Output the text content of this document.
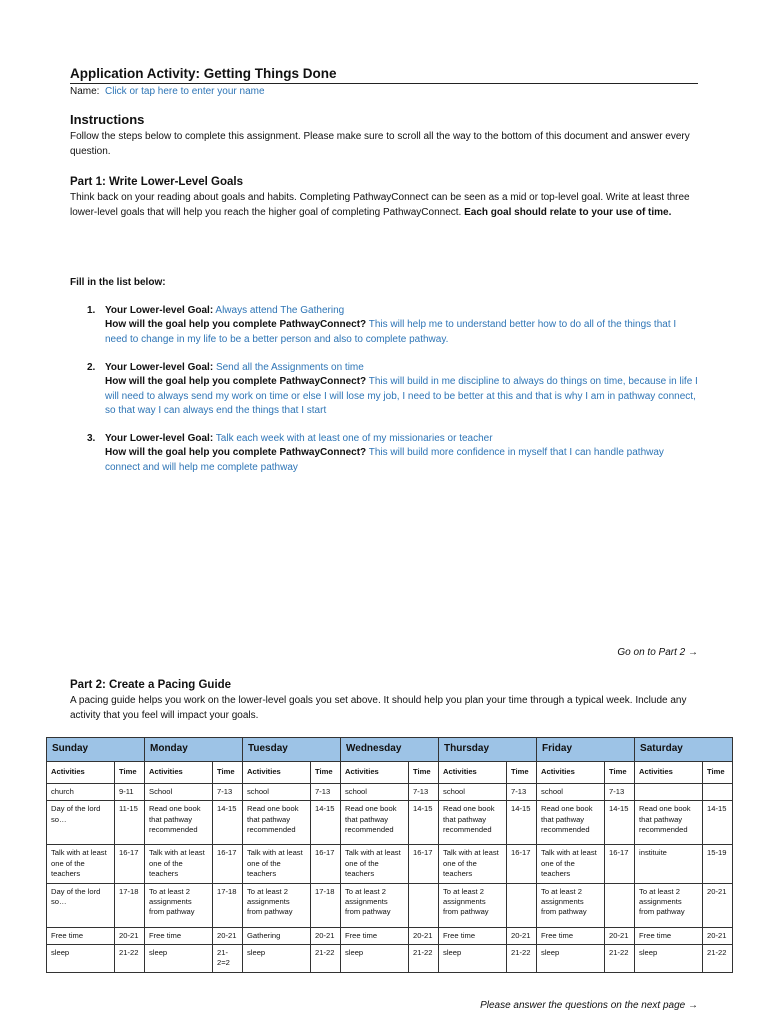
Application Activity: Getting Things Done
Name: Click or tap here to enter your name
Instructions
Follow the steps below to complete this assignment. Please make sure to scroll all the way to the bottom of this document and answer every question.
Part 1: Write Lower-Level Goals
Think back on your reading about goals and habits. Completing PathwayConnect can be seen as a mid or top-level goal. Write at least three lower-level goals that will help you reach the higher goal of completing PathwayConnect. Each goal should relate to your use of time.
Fill in the list below:
1. Your Lower-level Goal: Always attend The Gathering
How will the goal help you complete PathwayConnect? This will help me to understand better how to do all of the things that I need to change in my life to be a better person and also to complete pathway.
2. Your Lower-level Goal: Send all the Assignments on time
How will the goal help you complete PathwayConnect? This will build in me discipline to always do things on time, because in life I will need to always send my work on time or else I will lose my job, I need to be better at this and that is why I am in pathway connect, so that way I can always end the things that I start
3. Your Lower-level Goal: Talk each week with at least one of my missionaries or teacher
How will the goal help you complete PathwayConnect? This will build more confidence in myself that I can handle pathway connect and will help me complete pathway
Go on to Part 2 →
Part 2: Create a Pacing Guide
A pacing guide helps you work on the lower-level goals you set above. It should help you plan your time through a typical week. Include any activity that you feel will impact your goals.
Please answer the questions on the next page →
Sunday		Monday		Tuesday		Wednesday		Thursday		Friday		Saturday	
Activities	Time	Activities	Time	Activities	Time	Activities	Time	Activities	Time	Activities	Time	Activities	Time
church	9-11	School	7-13	school	7-13	school	7-13	school	7-13	school	7-13		
Day of the lord so…	11-15	Read one book that pathway recommended	14-15	Read one book that pathway recommended	14-15	Read one book that pathway recommended	14-15	Read one book that pathway recommended	14-15	Read one book that pathway recommended	14-15	Read one book that pathway recommended	14-15
Talk with at least one of the teachers	16-17	Talk with at least one of the teachers	16-17	Talk with at least one of the teachers	16-17	Talk with at least one of the teachers	16-17	Talk with at least one of the teachers	16-17	Talk with at least one of the teachers	16-17	instituite	15-19
Day of the lord so…	17-18	To at least 2 assignments from pathway	17-18	To at least 2 assignments from pathway	17-18	To at least 2 assignments from pathway		To at least 2 assignments from pathway		To at least 2 assignments from pathway		To at least 2 assignments from pathway	20-21
Free time	20-21	Free time	20-21	Gathering	20-21	Free time	20-21	Free time	20-21	Free time	20-21	Free time	20-21
sleep	21-22	sleep	21-2=2	sleep	21-22	sleep	21-22	sleep	21-22	sleep	21-22	sleep	21-22
